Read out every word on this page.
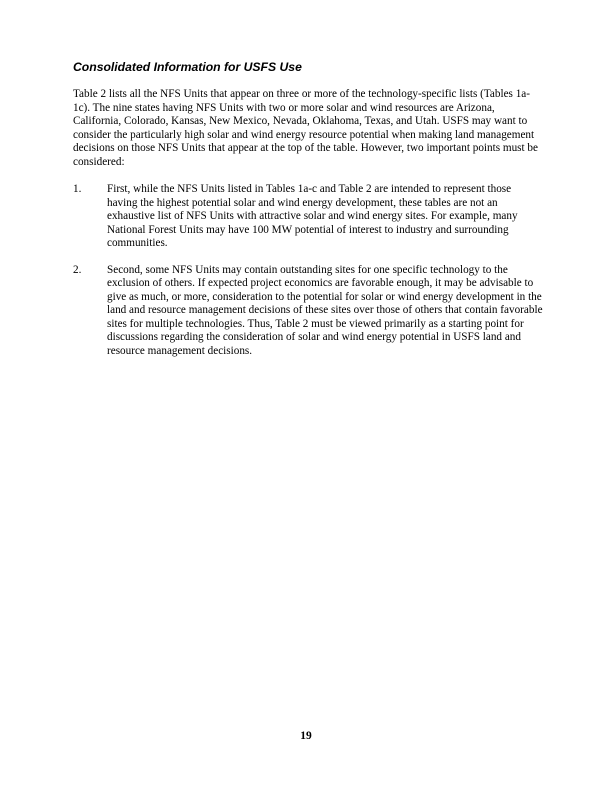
Consolidated Information for USFS Use

Table 2 lists all the NFS Units that appear on three or more of the technology-specific lists (Tables 1a-1c). The nine states having NFS Units with two or more solar and wind resources are Arizona, California, Colorado, Kansas, New Mexico, Nevada, Oklahoma, Texas, and Utah. USFS may want to consider the particularly high solar and wind energy resource potential when making land management decisions on those NFS Units that appear at the top of the table. However, two important points must be considered:

1.	First, while the NFS Units listed in Tables 1a-c and Table 2 are intended to represent those having the highest potential solar and wind energy development, these tables are not an exhaustive list of NFS Units with attractive solar and wind energy sites. For example, many National Forest Units may have 100 MW potential of interest to industry and surrounding communities.
2.	Second, some NFS Units may contain outstanding sites for one specific technology to the exclusion of others. If expected project economics are favorable enough, it may be advisable to give as much, or more, consideration to the potential for solar or wind energy development in the land and resource management decisions of these sites over those of others that contain favorable sites for multiple technologies. Thus, Table 2 must be viewed primarily as a starting point for discussions regarding the consideration of solar and wind energy potential in USFS land and resource management decisions.
19
